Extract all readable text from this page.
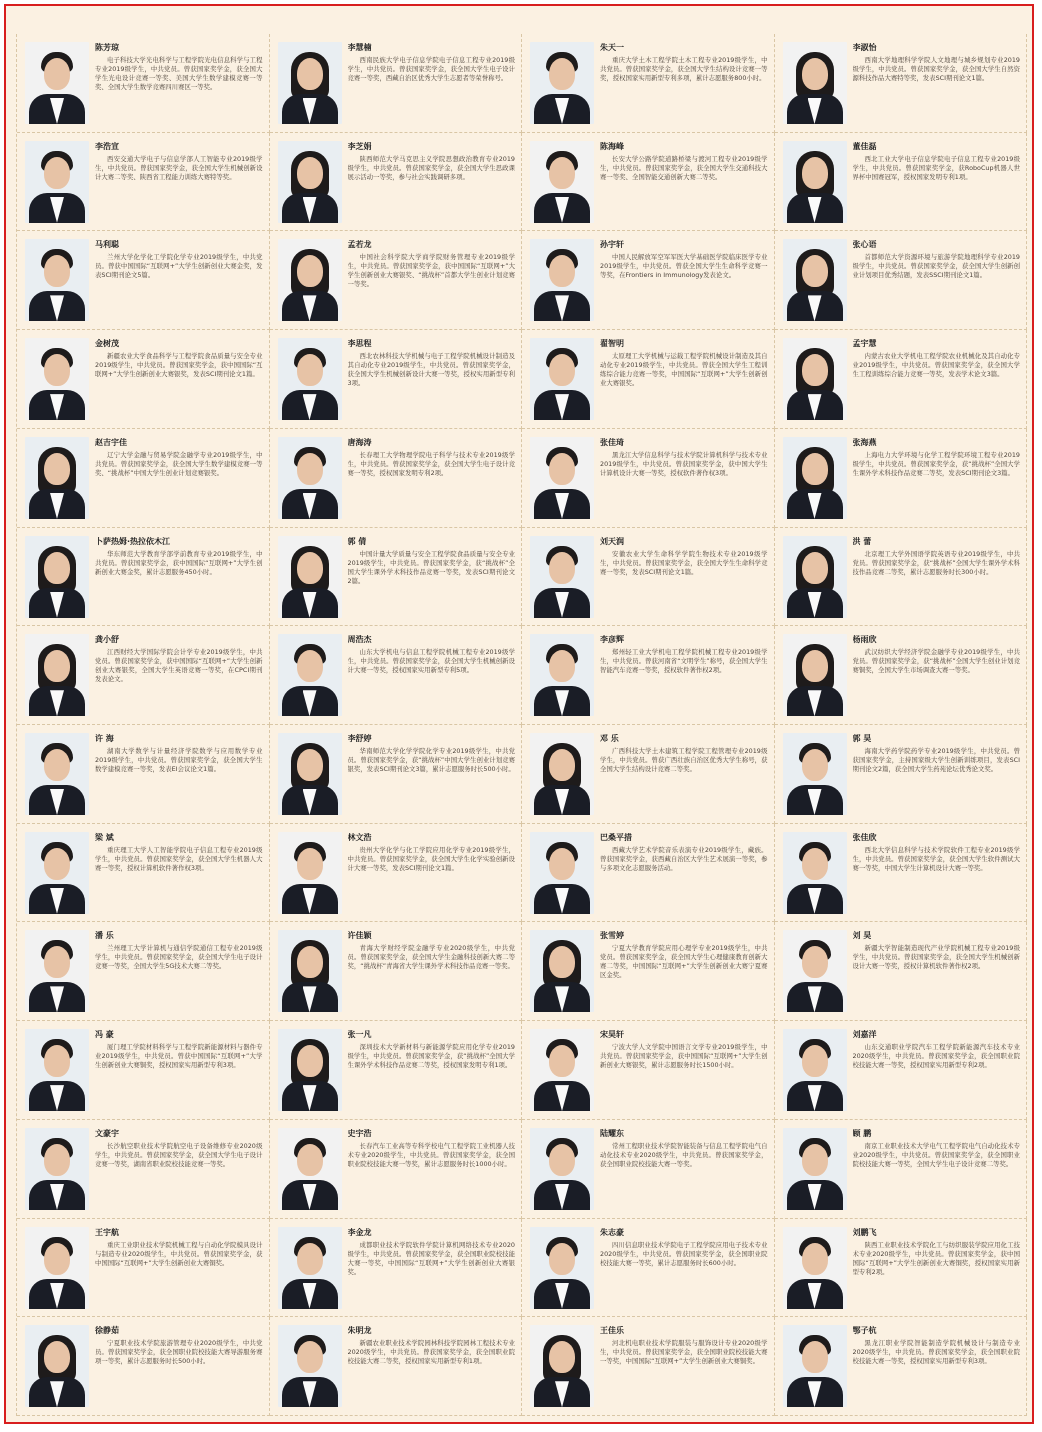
陈芳琼
电子科技大学光电科学与工程学院光电信息科学与工程专业2019级学生，中共党员。曾获国家奖学金，获全国大学生光电设计竞赛一等奖、美国大学生数学建模竞赛一等奖、全国大学生数学竞赛四川赛区一等奖。
李慧楠
西南民族大学电子信息学院电子信息工程专业2019级学生，中共党员。曾获国家奖学金，获全国大学生电子设计竞赛一等奖，西藏自治区优秀大学生志愿者等荣誉称号。
朱天一
重庆大学土木工程学院土木工程专业2019级学生，中共党员。曾获国家奖学金，获全国大学生结构设计竞赛一等奖，授权国家实用新型专利多项，累计志愿服务800小时。
李淑怡
西南大学地理科学学院人文地理与城乡规划专业2019级学生，中共党员。曾获国家奖学金，获全国大学生自然资源科技作品大赛特等奖，发表SCI期刊论文1篇。
李浩宣
西安交通大学电子与信息学部人工智能专业2019级学生，中共党员。曾获国家奖学金，获全国大学生机械创新设计大赛二等奖、陕西省工程能力训练大赛特等奖。
李芝娟
陕西师范大学马克思主义学院思想政治教育专业2019级学生，中共党员。曾获国家奖学金，获全国大学生思政课展示活动一等奖，参与社会实践调研多项。
陈海峰
长安大学公路学院道路桥梁与渡河工程专业2019级学生，中共党员。曾获国家奖学金，获全国大学生交通科技大赛一等奖、全国智能交通创新大赛二等奖。
董佳磊
西北工业大学电子信息学院电子信息工程专业2019级学生，中共党员。曾获国家奖学金，获RoboCup机器人世界杯中国赛冠军，授权国家发明专利1项。
马利聪
兰州大学化学化工学院化学专业2019级学生，中共党员。曾获中国国际“互联网+”大学生创新创业大赛金奖，发表SCI期刊论文5篇。
孟若龙
中国社会科学院大学商学院财务管理专业2019级学生，中共党员。曾获国家奖学金，获中国国际“互联网+”大学生创新创业大赛银奖、“挑战杯”首都大学生创业计划竞赛一等奖。
孙宇轩
中国人民解放军空军军医大学基础医学院临床医学专业2019级学生，中共党员。曾获全国大学生生命科学竞赛一等奖，在Frontiers in Immunology发表论文。
张心语
首都师范大学资源环境与旅游学院地理科学专业2019级学生，中共党员。曾获国家奖学金，获全国大学生创新创业计划项目优秀结题，发表SSCI期刊论文1篇。
金树茂
新疆农业大学食品科学与工程学院食品质量与安全专业2019级学生，中共党员。曾获国家奖学金，获中国国际“互联网+”大学生创新创业大赛银奖，发表SCI期刊论文1篇。
李思程
西北农林科技大学机械与电子工程学院机械设计制造及其自动化专业2019级学生，中共党员。曾获国家奖学金，获全国大学生机械创新设计大赛一等奖，授权实用新型专利3项。
翟智明
太原理工大学机械与运载工程学院机械设计制造及其自动化专业2019级学生，中共党员。曾获全国大学生工程训练综合能力竞赛一等奖，中国国际“互联网+”大学生创新创业大赛银奖。
孟宇慧
内蒙古农业大学机电工程学院农业机械化及其自动化专业2019级学生，中共党员。曾获国家奖学金，获全国大学生工程训练综合能力竞赛一等奖，发表学术论文3篇。
赵吉宇佳
辽宁大学金融与贸易学院金融学专业2019级学生，中共党员。曾获国家奖学金，获全国大学生数学建模竞赛一等奖、“挑战杯”中国大学生创业计划竞赛银奖。
唐海涛
长春理工大学物理学院电子科学与技术专业2019级学生，中共党员。曾获国家奖学金，获全国大学生电子设计竞赛一等奖，授权国家发明专利2项。
张佳琦
黑龙江大学信息科学与技术学院计算机科学与技术专业2019级学生，中共党员。曾获国家奖学金，获中国大学生计算机设计大赛一等奖，授权软件著作权3项。
张海燕
上海电力大学环境与化学工程学院环境工程专业2019级学生，中共党员。曾获国家奖学金，获“挑战杯”全国大学生课外学术科技作品竞赛二等奖，发表SCI期刊论文3篇。
卜萨热姆·热拉依木江
华东师范大学教育学部学前教育专业2019级学生，中共党员。曾获国家奖学金，获中国国际“互联网+”大学生创新创业大赛金奖，累计志愿服务450小时。
郭 倩
中国计量大学质量与安全工程学院食品质量与安全专业2019级学生，中共党员。曾获国家奖学金，获“挑战杯”全国大学生课外学术科技作品竞赛一等奖，发表SCI期刊论文2篇。
刘天润
安徽农业大学生命科学学院生物技术专业2019级学生，中共党员。曾获国家奖学金，获全国大学生生命科学竞赛一等奖，发表SCI期刊论文1篇。
洪 蕾
北京理工大学外国语学院英语专业2019级学生，中共党员。曾获国家奖学金，获“挑战杯”全国大学生课外学术科技作品竞赛二等奖，累计志愿服务时长300小时。
龚小舒
江西财经大学国际学院会计学专业2019级学生，中共党员。曾获国家奖学金，获中国国际“互联网+”大学生创新创业大赛银奖，全国大学生英语竞赛一等奖，在CPCI期刊发表论文。
周浩杰
山东大学机电与信息工程学院机械工程专业2019级学生，中共党员。曾获国家奖学金，获全国大学生机械创新设计大赛一等奖，授权国家实用新型专利5项。
李彦辉
郑州轻工业大学机电工程学院机械工程专业2019级学生，中共党员。曾获河南省“文明学生”称号，获全国大学生智能汽车竞赛一等奖，授权软件著作权2项。
杨雨欣
武汉纺织大学经济学院金融学专业2019级学生，中共党员。曾获国家奖学金，获“挑战杯”全国大学生创业计划竞赛铜奖，全国大学生市场调查大赛一等奖。
许 海
湖南大学数学与计量经济学院数学与应用数学专业2019级学生，中共党员。曾获国家奖学金，获全国大学生数学建模竞赛一等奖，发表EI会议论文1篇。
李舒婷
华南师范大学化学学院化学专业2019级学生，中共党员。曾获国家奖学金，获“挑战杯”中国大学生创业计划竞赛银奖，发表SCI期刊论文3篇，累计志愿服务时长500小时。
邓 乐
广西科技大学土木建筑工程学院工程管理专业2019级学生，中共党员。曾获广西壮族自治区优秀大学生称号，获全国大学生结构设计竞赛二等奖。
郭 昊
海南大学药学院药学专业2019级学生，中共党员。曾获国家奖学金，主持国家级大学生创新训练项目，发表SCI期刊论文2篇，获全国大学生药苑论坛优秀论文奖。
梁 斌
重庆理工大学人工智能学院电子信息工程专业2019级学生，中共党员。曾获国家奖学金，获全国大学生机器人大赛一等奖，授权计算机软件著作权3项。
林文浩
贵州大学化学与化工学院应用化学专业2019级学生，中共党员。曾获国家奖学金，获全国大学生化学实验创新设计大赛一等奖，发表SCI期刊论文1篇。
巴桑平措
西藏大学艺术学院音乐表演专业2019级学生，藏族。曾获国家奖学金，获西藏自治区大学生艺术展演一等奖，参与多项文化志愿服务活动。
张佳欣
西北大学信息科学与技术学院软件工程专业2019级学生，中共党员。曾获国家奖学金，获全国大学生软件测试大赛一等奖，中国大学生计算机设计大赛一等奖。
潘 乐
兰州理工大学计算机与通信学院通信工程专业2019级学生，中共党员。曾获国家奖学金，获全国大学生电子设计竞赛一等奖，全国大学生5G技术大赛二等奖。
许佳颖
青海大学财经学院金融学专业2020级学生，中共党员。曾获国家奖学金，获全国大学生金融科技创新大赛二等奖，“挑战杯”青海省大学生课外学术科技作品竞赛一等奖。
张雪婷
宁夏大学教育学院应用心理学专业2019级学生，中共党员。曾获国家奖学金，获全国大学生心理健康教育创新大赛二等奖，中国国际“互联网+”大学生创新创业大赛宁夏赛区金奖。
刘 昊
新疆大学智能制造现代产业学院机械工程专业2019级学生，中共党员。曾获国家奖学金，获全国大学生机械创新设计大赛一等奖，授权计算机软件著作权2项。
冯 豪
厦门理工学院材料科学与工程学院新能源材料与器件专业2019级学生，中共党员。曾获中国国际“互联网+”大学生创新创业大赛铜奖，授权国家实用新型专利3项。
张一凡
深圳技术大学新材料与新能源学院应用化学专业2019级学生，中共党员。曾获国家奖学金，获“挑战杯”全国大学生课外学术科技作品竞赛二等奖，授权国家发明专利1项。
宋昊轩
宁波大学人文学院中国语言文学专业2019级学生，中共党员。曾获国家奖学金，获中国国际“互联网+”大学生创新创业大赛银奖，累计志愿服务时长1500小时。
刘嘉洋
山东交通职业学院汽车工程学院新能源汽车技术专业2020级学生，中共党员。曾获国家奖学金，获全国职业院校技能大赛一等奖，授权国家实用新型专利2项。
文豪宇
长沙航空职业技术学院航空电子设备维修专业2020级学生，中共党员。曾获国家奖学金，获全国大学生电子设计竞赛一等奖，湖南省职业院校技能竞赛一等奖。
史宇浩
长春汽车工业高等专科学校电气工程学院工业机器人技术专业2020级学生，中共党员。曾获国家奖学金，获全国职业院校技能大赛一等奖，累计志愿服务时长1000小时。
陆耀东
常州工程职业技术学院智能装备与信息工程学院电气自动化技术专业2020级学生，中共党员。曾获国家奖学金，获全国职业院校技能大赛一等奖。
顾 鹏
南京工业职业技术大学电气工程学院电气自动化技术专业2020级学生，中共党员。曾获国家奖学金，获全国职业院校技能大赛一等奖，全国大学生电子设计竞赛二等奖。
王宇航
重庆工业职业技术学院机械工程与自动化学院模具设计与制造专业2020级学生，中共党员。曾获国家奖学金，获中国国际“互联网+”大学生创新创业大赛铜奖。
李金龙
成都职业技术学院软件学院计算机网络技术专业2020级学生，中共党员。曾获国家奖学金，获全国职业院校技能大赛一等奖，中国国际“互联网+”大学生创新创业大赛银奖。
朱志豪
四川信息职业技术学院电子工程学院应用电子技术专业2020级学生，中共党员。曾获国家奖学金，获全国职业院校技能大赛一等奖，累计志愿服务时长600小时。
刘鹏飞
陕西工业职业技术学院化工与纺织服装学院应用化工技术专业2020级学生，中共党员。曾获国家奖学金，获中国国际“互联网+”大学生创新创业大赛铜奖，授权国家实用新型专利2项。
徐静茹
宁夏职业技术学院旅游管理专业2020级学生，中共党员。曾获国家奖学金，获全国职业院校技能大赛导游服务赛项一等奖，累计志愿服务时长500小时。
朱明龙
新疆农业职业技术学院园林科技学院园林工程技术专业2020级学生，中共党员。曾获国家奖学金，获全国职业院校技能大赛二等奖，授权国家实用新型专利1项。
王佳乐
河北机电职业技术学院服装与服饰设计专业2020级学生，中共党员。曾获国家奖学金，获全国职业院校技能大赛一等奖，中国国际“互联网+”大学生创新创业大赛铜奖。
鄂子杭
黑龙江职业学院智能制造学院机械设计与制造专业2020级学生，中共党员。曾获国家奖学金，获全国职业院校技能大赛一等奖，授权国家实用新型专利3项。
